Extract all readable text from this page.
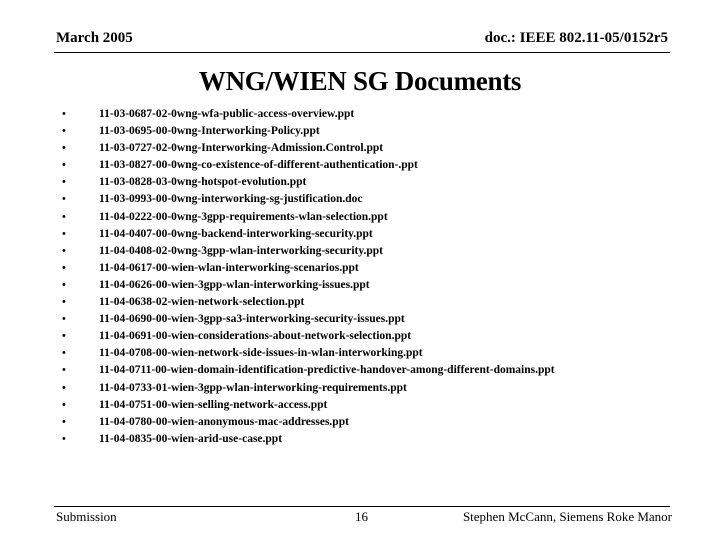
March 2005	doc.: IEEE 802.11-05/0152r5
WNG/WIEN SG Documents
•	11-03-0687-02-0wng-wfa-public-access-overview.ppt
•	11-03-0695-00-0wng-Interworking-Policy.ppt
•	11-03-0727-02-0wng-Interworking-Admission.Control.ppt
•	11-03-0827-00-0wng-co-existence-of-different-authentication-.ppt
•	11-03-0828-03-0wng-hotspot-evolution.ppt
•	11-03-0993-00-0wng-interworking-sg-justification.doc
•	11-04-0222-00-0wng-3gpp-requirements-wlan-selection.ppt
•	11-04-0407-00-0wng-backend-interworking-security.ppt
•	11-04-0408-02-0wng-3gpp-wlan-interworking-security.ppt
•	11-04-0617-00-wien-wlan-interworking-scenarios.ppt
•	11-04-0626-00-wien-3gpp-wlan-interworking-issues.ppt
•	11-04-0638-02-wien-network-selection.ppt
•	11-04-0690-00-wien-3gpp-sa3-interworking-security-issues.ppt
•	11-04-0691-00-wien-considerations-about-network-selection.ppt
•	11-04-0708-00-wien-network-side-issues-in-wlan-interworking.ppt
•	11-04-0711-00-wien-domain-identification-predictive-handover-among-different-domains.ppt
•	11-04-0733-01-wien-3gpp-wlan-interworking-requirements.ppt
•	11-04-0751-00-wien-selling-network-access.ppt
•	11-04-0780-00-wien-anonymous-mac-addresses.ppt
•	11-04-0835-00-wien-arid-use-case.ppt
Submission	16	Stephen McCann, Siemens Roke Manor
